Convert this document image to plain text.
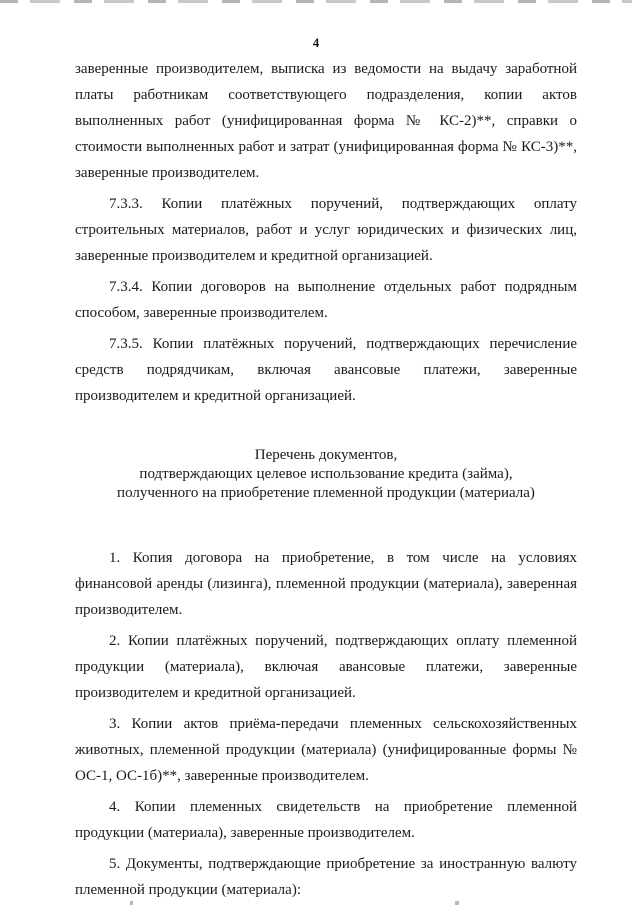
4

заверенные производителем, выписка из ведомости на выдачу заработной платы работникам соответствующего подразделения, копии актов выполненных работ (унифицированная форма № КС-2)**, справки о стоимости выполненных работ и затрат (унифицированная форма № КС-3)**, заверенные производителем.

7.3.3. Копии платёжных поручений, подтверждающих оплату строительных материалов, работ и услуг юридических и физических лиц, заверенные производителем и кредитной организацией.

7.3.4. Копии договоров на выполнение отдельных работ подрядным способом, заверенные производителем.

7.3.5. Копии платёжных поручений, подтверждающих перечисление средств подрядчикам, включая авансовые платежи, заверенные производителем и кредитной организацией.

Перечень документов,
подтверждающих целевое использование кредита (займа),
полученного на приобретение племенной продукции (материала)

1. Копия договора на приобретение, в том числе на условиях финансовой аренды (лизинга), племенной продукции (материала), заверенная производителем.

2. Копии платёжных поручений, подтверждающих оплату племенной продукции (материала), включая авансовые платежи, заверенные производителем и кредитной организацией.

3. Копии актов приёма-передачи племенных сельскохозяйственных животных, племенной продукции (материала) (унифицированные формы № ОС-1, ОС-1б)**, заверенные производителем.

4. Копии племенных свидетельств на приобретение племенной продукции (материала), заверенные производителем.

5. Документы, подтверждающие приобретение за иностранную валюту племенной продукции (материала):
